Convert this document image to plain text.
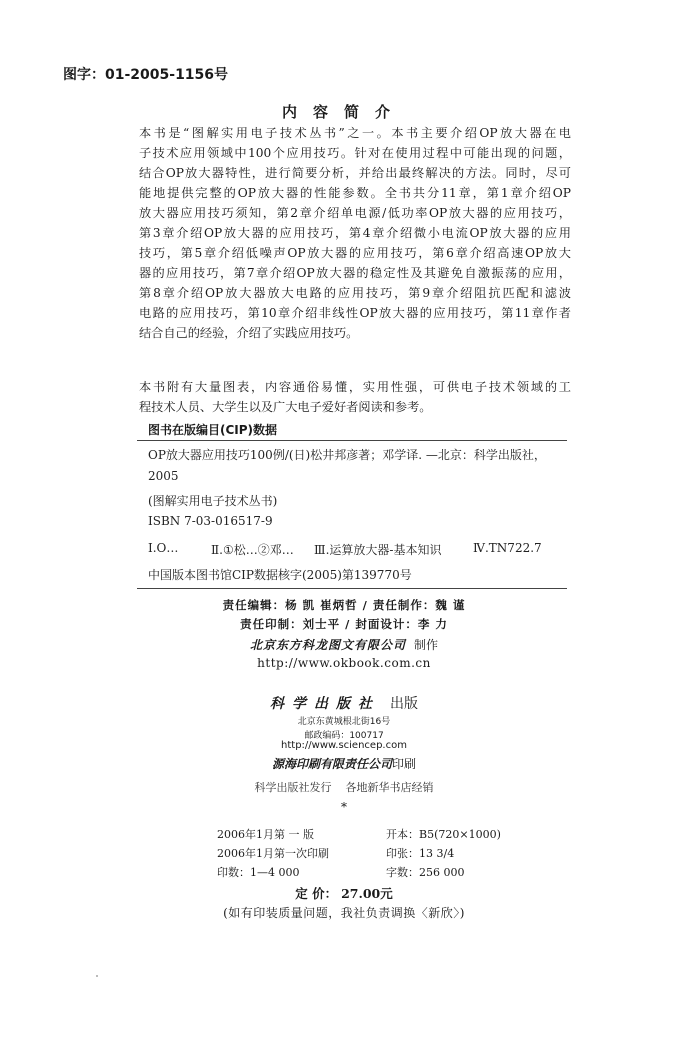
图字：01-2005-1156号
内容简介
本书是“图解实用电子技术丛书”之一。本书主要介绍OP放大器在电
子技术应用领域中100个应用技巧。针对在使用过程中可能出现的问题，
结合OP放大器特性，进行简要分析，并给出最终解决的方法。同时，尽可
能地提供完整的OP放大器的性能参数。全书共分11章，第1章介绍OP
放大器应用技巧须知，第2章介绍单电源/低功率OP放大器的应用技巧，
第3章介绍OP放大器的应用技巧，第4章介绍微小电流OP放大器的应用
技巧，第5章介绍低噪声OP放大器的应用技巧，第6章介绍高速OP放大
器的应用技巧，第7章介绍OP放大器的稳定性及其避免自激振荡的应用，
第8章介绍OP放大器放大电路的应用技巧，第9章介绍阻抗匹配和滤波
电路的应用技巧，第10章介绍非线性OP放大器的应用技巧，第11章作者
结合自己的经验，介绍了实践应用技巧。
本书附有大量图表，内容通俗易懂，实用性强，可供电子技术领域的工
程技术人员、大学生以及广大电子爱好者阅读和参考。
图书在版编目(CIP)数据
OP放大器应用技巧100例/(日)松井邦彦著；邓学译. —北京：科学出版社，
2005
(图解实用电子技术丛书)
ISBN 7-03-016517-9
Ⅰ.O…	Ⅱ.①松…②邓… Ⅲ.运算放大器-基本知识	Ⅳ.TN722.7
中国版本图书馆CIP数据核字(2005)第139770号
责任编辑：杨 凯 崔炳哲 / 责任制作：魏 谨
责任印制：刘士平 / 封面设计：李 力
北京东方科龙图文有限公司 制作
http://www.okbook.com.cn
科学出版社 出版
北京东黄城根北街16号
邮政编码：100717
http://www.sciencep.com
源海印刷有限责任公司印刷
科学出版社发行 各地新华书店经销
*
2006年1月第 一 版	开本：B5(720×1000)
2006年1月第一次印刷	印张：13 3/4
印数：1—4 000	字数：256 000
定 价： 27.00元
(如有印装质量问题，我社负责调换〈新欣〉)
